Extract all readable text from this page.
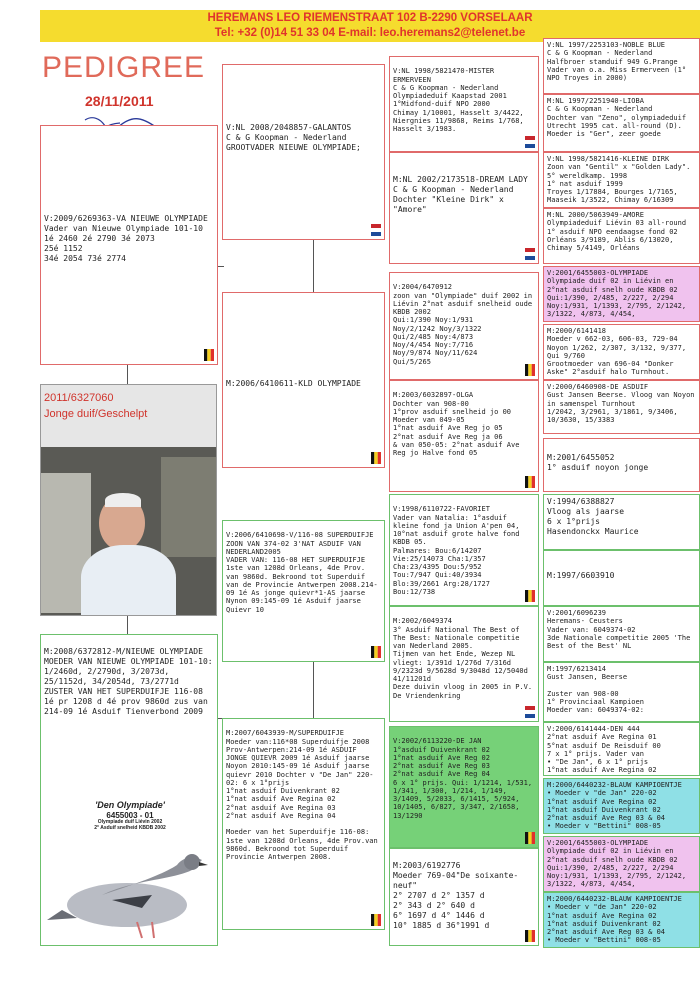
HEREMANS LEO RIEMENSTRAAT 102 B-2290 VORSELAAR
Tel: +32 (0)14 51 33 04 E-mail: leo.heremans2@telenet.be
PEDIGREE
28/11/2011

V:2009/6269363-VA NIEUWE OLYMPIADE
Vader van Nieuwe Olympiade 101-10
1é 2460 2é 2790 3é 2073
25é 1152
34é 2054 73é 2774

2011/6327060
Jonge duif/Geschelpt

M:2008/6372812-M/NIEUWE OLYMPIADE
MOEDER VAN NIEUWE OLYMPIADE 101-10: 1/2460d, 2/2790d, 3/2073d, 25/1152d, 34/2054d, 73/2771d
ZUSTER VAN HET SUPERDUIFJE 116-08 1é pr 1208 d 4é prov 9860d zus van 214-09 1é Asduif Tienverbond 2009

'Den Olympiade'
6455003 - 01
Olympiade duif Liévin 2002
2° Asduif snelheid KBDB 2002

V:NL 2008/2048857-GALANTOS
C & G Koopman - Nederland
GROOTVADER NIEUWE OLYMPIADE;

M:2006/6410611-KLD OLYMPIADE

V:2006/6410698-V/116-08 SUPERDUIFJE
ZOON VAN 374-02 3'NAT ASDUIF VAN NEDERLAND2005
VADER VAN: 116-08 HET SUPERDUIFJE
1ste van 1208d Orleans, 4de Prov. van 9860d. Bekroond tot Superduif van de Provincie Antwerpen 2008.214-09 1é As jonge quievr*1-AS jaarse Nynon 09:145-09 1é Asduif jaarse Quievr 10

M:2007/6043939-M/SUPERDUIFJE
Moeder van:116*08 Superduifje 2008 Prov-Antwerpen:214-09 1é ASDUIF JONGE QUIEVR 2009 1é Asduif jaarse Noyon 2010:145-09 1é Asduif jaarse quievr 2010 Dochter v "De Jan" 220-02: 6 x 1°prijs
1°nat asduif Duivenkrant 02
1°nat asduif Ave Regina 02
2°nat asduif Ave Regina 03
2°nat asduif Ave Regina 04

Moeder van het Superduifje 116-08: 1ste van 1208d Orleans, 4de Prov.van 9860d. Bekroond tot Superduif Provincie Antwerpen 2008.

V:NL 1998/5821470-MISTER ERMERVEEN
C & G Koopman - Nederland
Olympiadeduif Kaapstad 2001
1°Midfond-duif NPO 2000
Chimay 1/10001, Hasselt 3/4422, Niergnies 11/9868, Reims 1/768, Hasselt 3/1983.

M:NL 2002/2173518-DREAM LADY
C & G Koopman - Nederland
Dochter "Kleine Dirk" x "Amore"

V:2004/6470912
zoon van "Olympiade" duif 2002 in Liévin 2°nat asduif snelheid oude KBDB 2002
Qui:1/390 Noy:1/931
Noy/2/1242 Noy/3/1322
Qui/2/485 Noy:4/873
Noy/4/454 Noy:7/716
Noy/9/874 Noy/11/624
Qui/5/265

M:2003/6032897-OLGA
Dochter van 908-00
1°prov asduif snelheid jo 00
Moeder van 049-05
1°nat asduif Ave Reg jo 05
2°nat asduif Ave Reg ja 06
& van 050-05: 2°nat asduif Ave Reg jo Halve fond 05

V:1998/6110722-FAVORIET
Vader van Natalia: 1°asduif kleine fond ja Union A'pen 04, 10°nat asduif grote halve fond KBDB 05.
Palmares: Bou:6/14207
Vie:25/14073 Cha:1/357
Cha:23/4395 Dou:5/952
Tou:7/947 Qui:40/3934
Blo:39/2661 Arg:28/1727
Bou:12/738

M:2002/6049374
3° Asduif National The Best of The Best: Nationale competitie van Nederland 2005.
Tijmen van het Ende, Wezep NL
vliegt: 1/391d 1/276d 7/316d 9/2323d 9/5628d 9/3048d 12/5040d 41/11201d
Deze duivin vloog in 2005 in P.V. De Vriendenkring

V:2002/6113220-DE JAN
1°asduif Duivenkrant 02
1°nat asduif Ave Reg 02
2°nat asduif Ave Reg 03
2°nat asduif Ave Reg 04
6 x 1° prijs. Qui: 1/1214, 1/531, 1/341, 1/300, 1/214, 1/149, 3/1409, 5/2033, 6/1415, 5/924, 10/1405, 6/827, 3/347, 2/1658, 13/1290

M:2003/6192776
Moeder 769-04"De soixante-neuf"
2° 2707 d 2° 1357 d
2° 343 d 2° 640 d
6° 1697 d 4° 1446 d
10° 1885 d 36°1991 d

V:NL 1997/2253103-NOBLE BLUE
C & G Koopman - Nederland
Halfbroer stamduif 949 G.Prange
Vader van o.a. Miss Ermerveen (1° NPO Troyes in 2000)
M:NL 1997/2251940-LIOBA
C & G Koopman - Nederland
Dochter van "Zeno", olympiadeduif Utrecht 1995 cat. all-round (D).
Moeder is "Ger", zeer goede
V:NL 1998/5821416-KLEINE DIRK
Zoon van "Gentil" x "Golden Lady". 5° wereldkamp. 1998
1° nat asduif 1999
Troyes 1/17884, Bourges 1/7165, Maaseik 1/3522, Chimay 6/16309
M:NL 2000/5063949-AMORE
Olympiadeduif Liévin 03 all-round
1° asduif NPO eendaagse fond 02
Orléans 3/9189, Ablis 6/13020, Chimay 5/4149, Orléans
V:2001/6455003-OLYMPIADE
Olympiade duif 02 in Liévin en 2°nat asduif snelh oude KBDB 02
Qui:1/390, 2/485, 2/227, 2/294
Noy:1/931, 1/1393, 2/795, 2/1242, 3/1322, 4/873, 4/454,
M:2000/6141418
Moeder v 662-03, 606-03, 729-04
Noyon 1/262, 2/307, 3/132, 9/377, Qui 9/760
Grootmoeder van 696-04 "Donker Aske" 2°asduif halo Turnhout.
V:2000/6460908-DE ASDUIF
Gust Jansen Beerse. Vloog van Noyon in samenspel Turnhout
1/2042, 3/2961, 3/1861, 9/3406, 10/3630, 15/3383
M:2001/6455052
1° asduif noyon jonge
V:1994/6388827
Vloog als jaarse
6 x 1°prijs
Hasendonckx Maurice
M:1997/6603910
V:2001/6096239
Heremans- Ceusters
Vader van: 6049374-02
3de Nationale competitie 2005 'The Best of the Best' NL
M:1997/6213414
Gust Jansen, Beerse

Zuster van 908-00
1° Provinciaal Kampioen
Moeder van: 6049374-02:
V:2000/6141444-DEN 444
2°nat asduif Ave Regina 01
5°nat asduif De Reisduif 00
7 x 1° prijs. Vader van
• "De Jan", 6 x 1° prijs
1°nat asduif Ave Regina 02
M:2000/6440232-BLAUW KAMPIOENTJE
• Moeder v "de Jan" 220-02
1°nat asduif Ave Regina 02
1°nat asduif Duivenkrant 02
2°nat asduif Ave Reg 03 & 04
• Moeder v "Bettini" 008-05
V:2001/6455003-OLYMPIADE
Olympiade duif 02 in Liévin en 2°nat asduif snelh oude KBDB 02
Qui:1/390, 2/485, 2/227, 2/294
Noy:1/931, 1/1393, 2/795, 2/1242, 3/1322, 4/873, 4/454,
M:2000/6440232-BLAUW KAMPIOENTJE
• Moeder v "de Jan" 220-02
1°nat asduif Ave Regina 02
1°nat asduif Duivenkrant 02
2°nat asduif Ave Reg 03 & 04
• Moeder v "Bettini" 008-05
